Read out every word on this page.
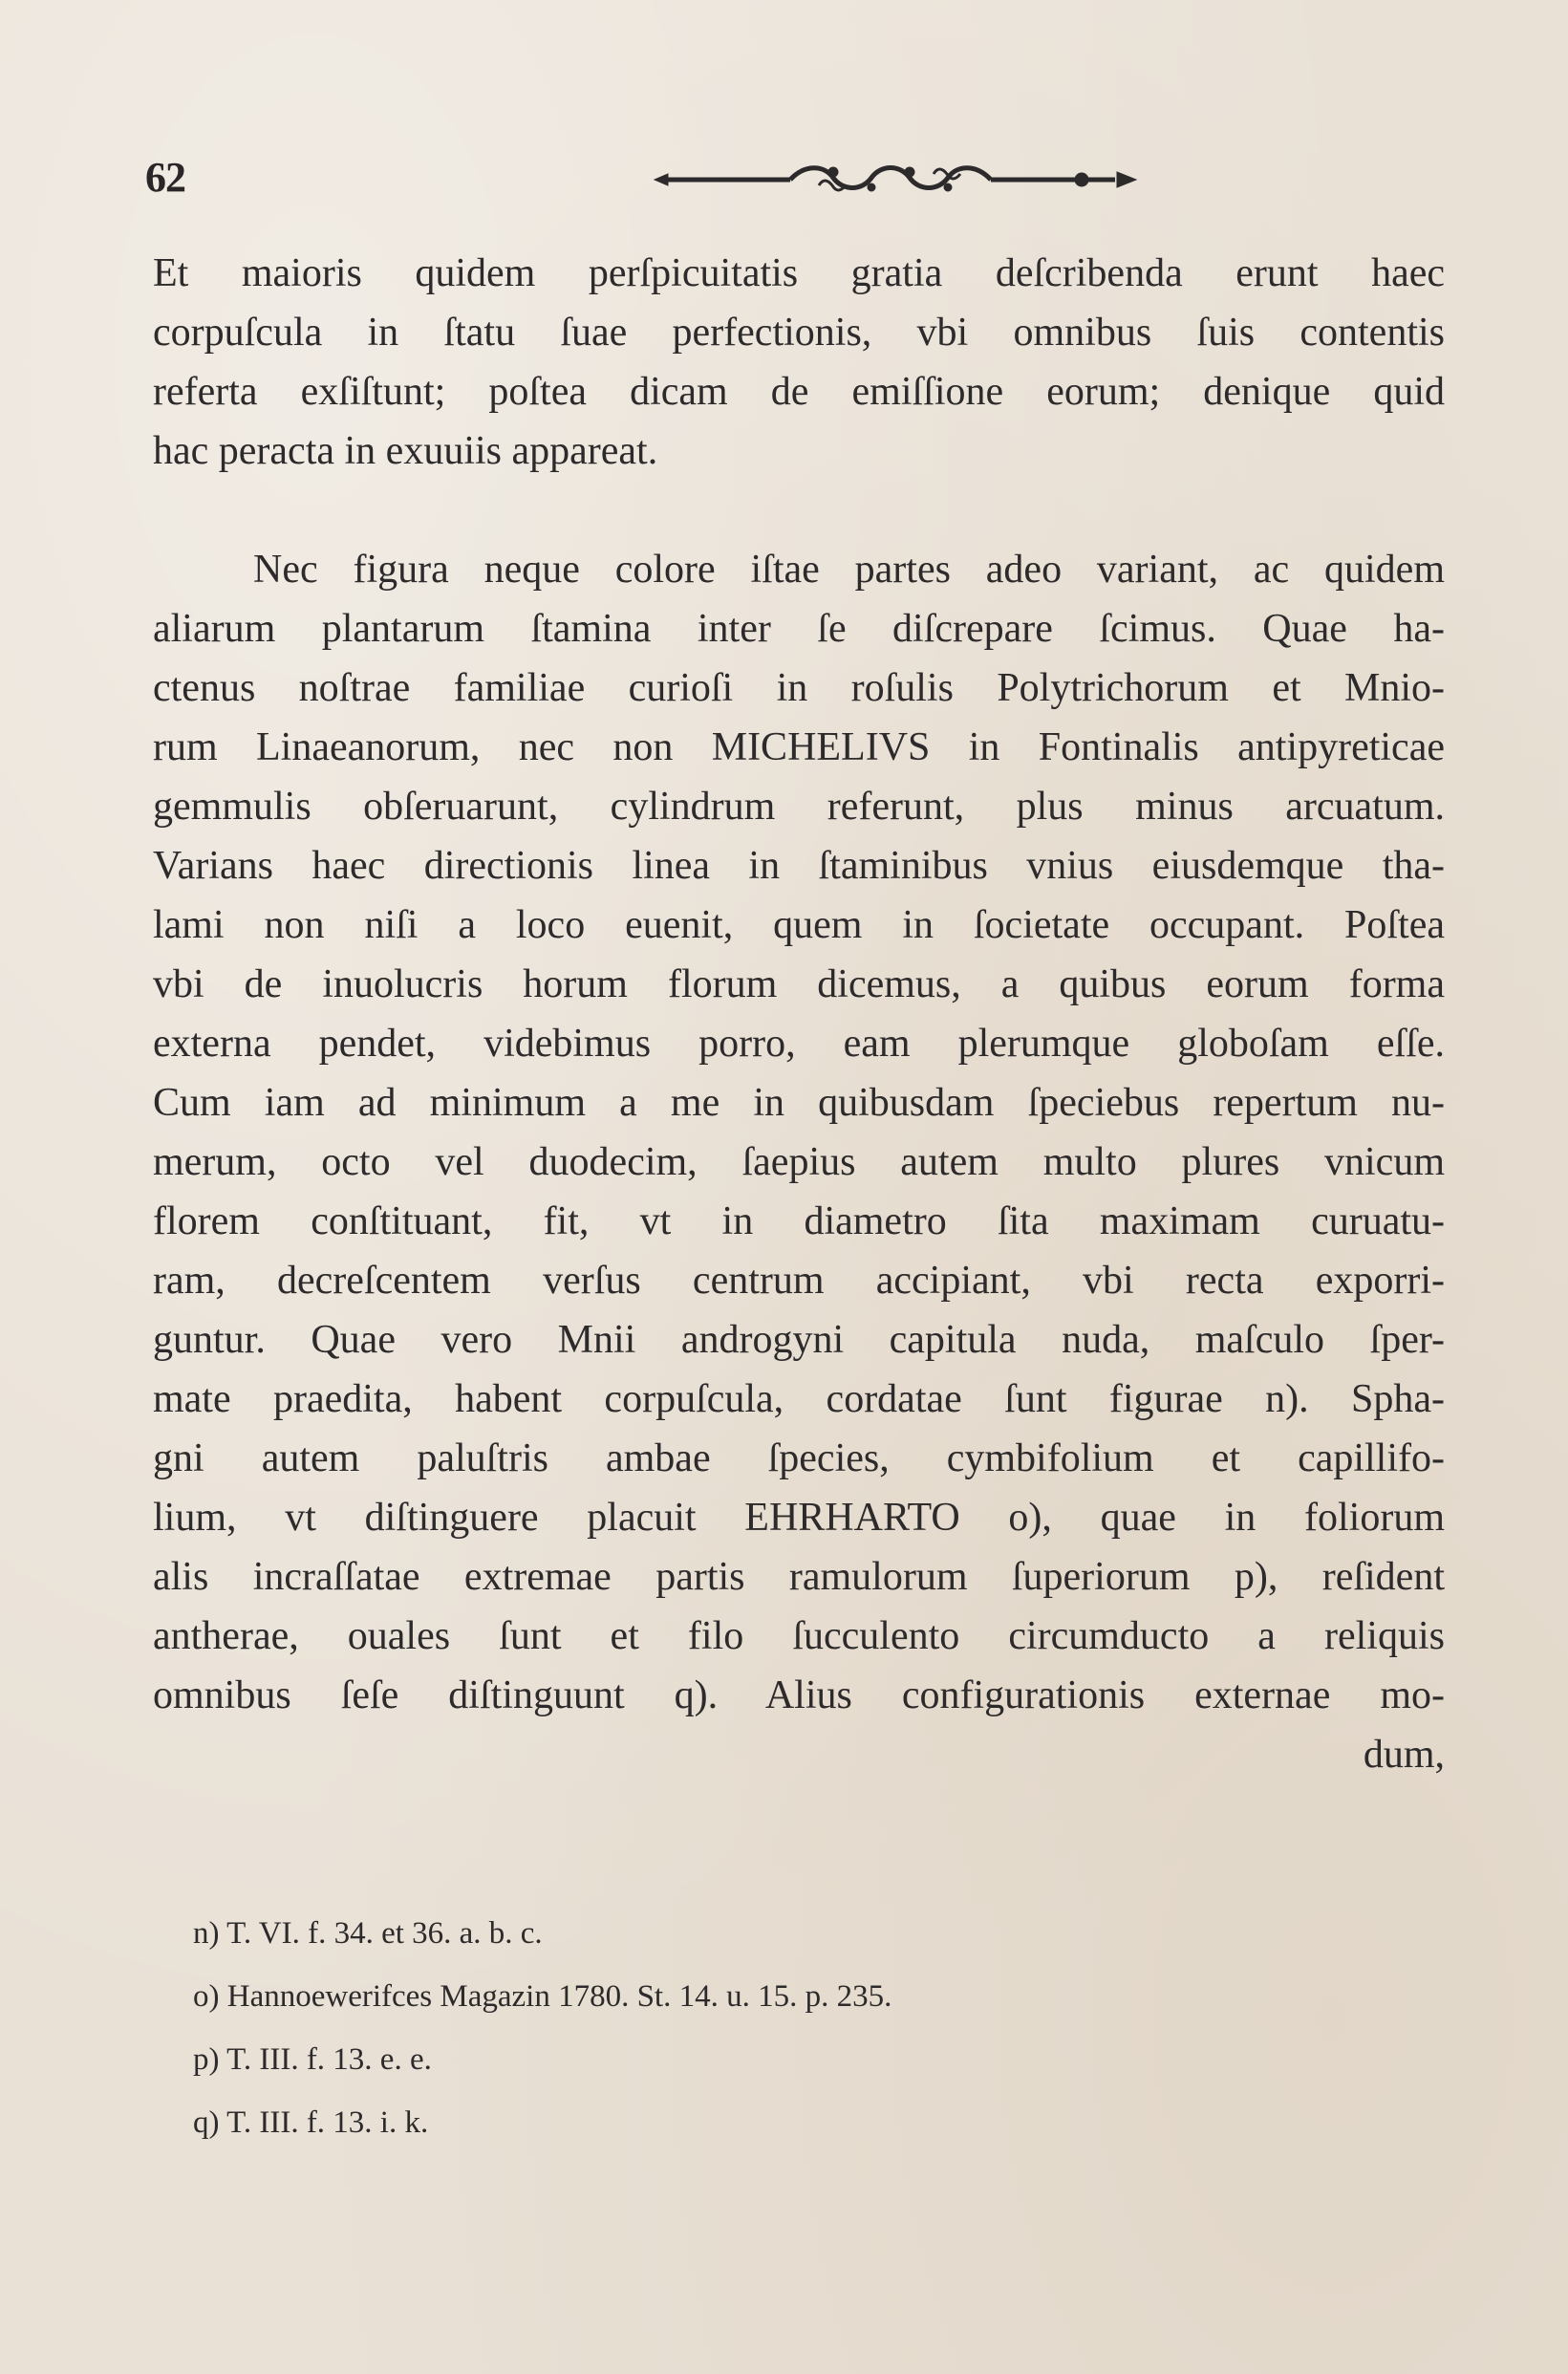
62
Et maioris quidem perſpicuitatis gratia deſcribenda erunt haec
corpuſcula in ſtatu ſuae perfectionis, vbi omnibus ſuis contentis
referta exſiſtunt; poſtea dicam de emiſſione eorum; denique quid
hac peracta in exuuiis appareat.
Nec figura neque colore iſtae partes adeo variant, ac quidem
aliarum plantarum ſtamina inter ſe diſcrepare ſcimus. Quae ha-
ctenus noſtrae familiae curioſi in roſulis Polytrichorum et Mnio-
rum Linaeanorum, nec non MICHELIVS in Fontinalis antipyreticae
gemmulis obſeruarunt, cylindrum referunt, plus minus arcuatum.
Varians haec directionis linea in ſtaminibus vnius eiusdemque tha-
lami non niſi a loco euenit, quem in ſocietate occupant. Poſtea
vbi de inuolucris horum florum dicemus, a quibus eorum forma
externa pendet, videbimus porro, eam plerumque globoſam eſſe.
Cum iam ad minimum a me in quibusdam ſpeciebus repertum nu-
merum, octo vel duodecim, ſaepius autem multo plures vnicum
florem conſtituant, fit, vt in diametro ſita maximam curuatu-
ram, decreſcentem verſus centrum accipiant, vbi recta exporri-
guntur. Quae vero Mnii androgyni capitula nuda, maſculo ſper-
mate praedita, habent corpuſcula, cordatae ſunt figurae n). Spha-
gni autem paluſtris ambae ſpecies, cymbifolium et capillifo-
lium, vt diſtinguere placuit EHRHARTO o), quae in foliorum
alis incraſſatae extremae partis ramulorum ſuperiorum p), reſident
antherae, ouales ſunt et filo ſucculento circumducto a reliquis
omnibus ſeſe diſtinguunt q). Alius configurationis externae mo-
dum,
n) T. VI. f. 34. et 36. a. b. c.
o) Hannoewerifces Magazin 1780. St. 14. u. 15. p. 235.
p) T. III. f. 13. e. e.
q) T. III. f. 13. i. k.
